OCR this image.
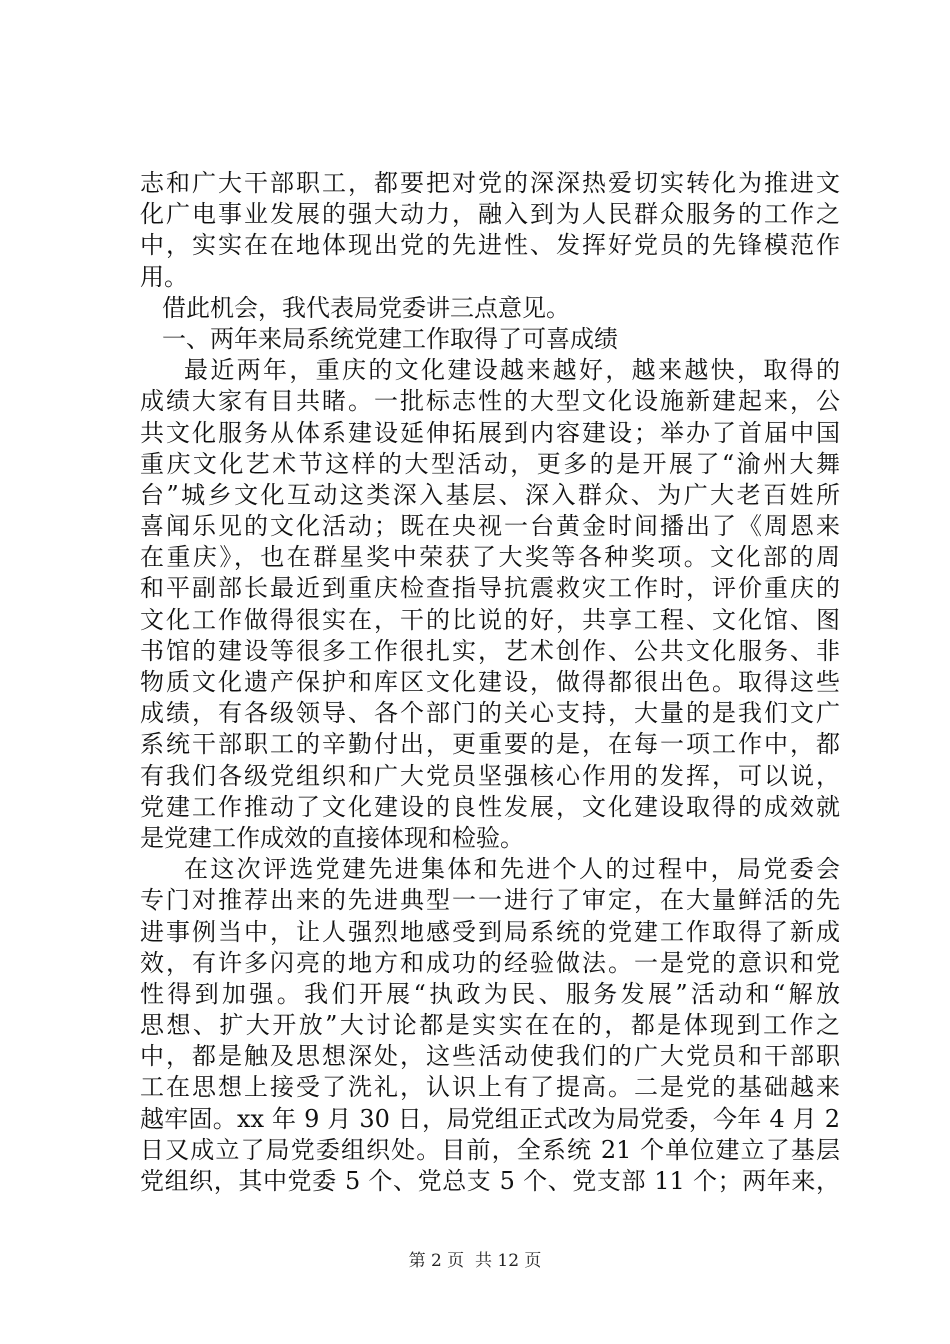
志和广大干部职工，都要把对党的深深热爱切实转化为推进文
化广电事业发展的强大动力，融入到为人民群众服务的工作之
中，实实在在地体现出党的先进性、发挥好党员的先锋模范作
用。
借此机会，我代表局党委讲三点意见。
一、两年来局系统党建工作取得了可喜成绩
最近两年，重庆的文化建设越来越好，越来越快，取得的
成绩大家有目共睹。一批标志性的大型文化设施新建起来，公
共文化服务从体系建设延伸拓展到内容建设；举办了首届中国
重庆文化艺术节这样的大型活动，更多的是开展了“渝州大舞
台”城乡文化互动这类深入基层、深入群众、为广大老百姓所
喜闻乐见的文化活动；既在央视一台黄金时间播出了《周恩来
在重庆》，也在群星奖中荣获了大奖等各种奖项。文化部的周
和平副部长最近到重庆检查指导抗震救灾工作时，评价重庆的
文化工作做得很实在，干的比说的好，共享工程、文化馆、图
书馆的建设等很多工作很扎实，艺术创作、公共文化服务、非
物质文化遗产保护和库区文化建设，做得都很出色。取得这些
成绩，有各级领导、各个部门的关心支持，大量的是我们文广
系统干部职工的辛勤付出，更重要的是，在每一项工作中，都
有我们各级党组织和广大党员坚强核心作用的发挥，可以说，
党建工作推动了文化建设的良性发展，文化建设取得的成效就
是党建工作成效的直接体现和检验。
在这次评选党建先进集体和先进个人的过程中，局党委会
专门对推荐出来的先进典型一一进行了审定，在大量鲜活的先
进事例当中，让人强烈地感受到局系统的党建工作取得了新成
效，有许多闪亮的地方和成功的经验做法。一是党的意识和党
性得到加强。我们开展“执政为民、服务发展”活动和“解放
思想、扩大开放”大讨论都是实实在在的，都是体现到工作之
中，都是触及思想深处，这些活动使我们的广大党员和干部职
工在思想上接受了洗礼，认识上有了提高。二是党的基础越来
越牢固。xx 年 9 月 30 日，局党组正式改为局党委，今年 4 月 2
日又成立了局党委组织处。目前，全系统 21 个单位建立了基层
党组织，其中党委 5 个、党总支 5 个、党支部 11 个；两年来，
第 2 页  共 12 页
